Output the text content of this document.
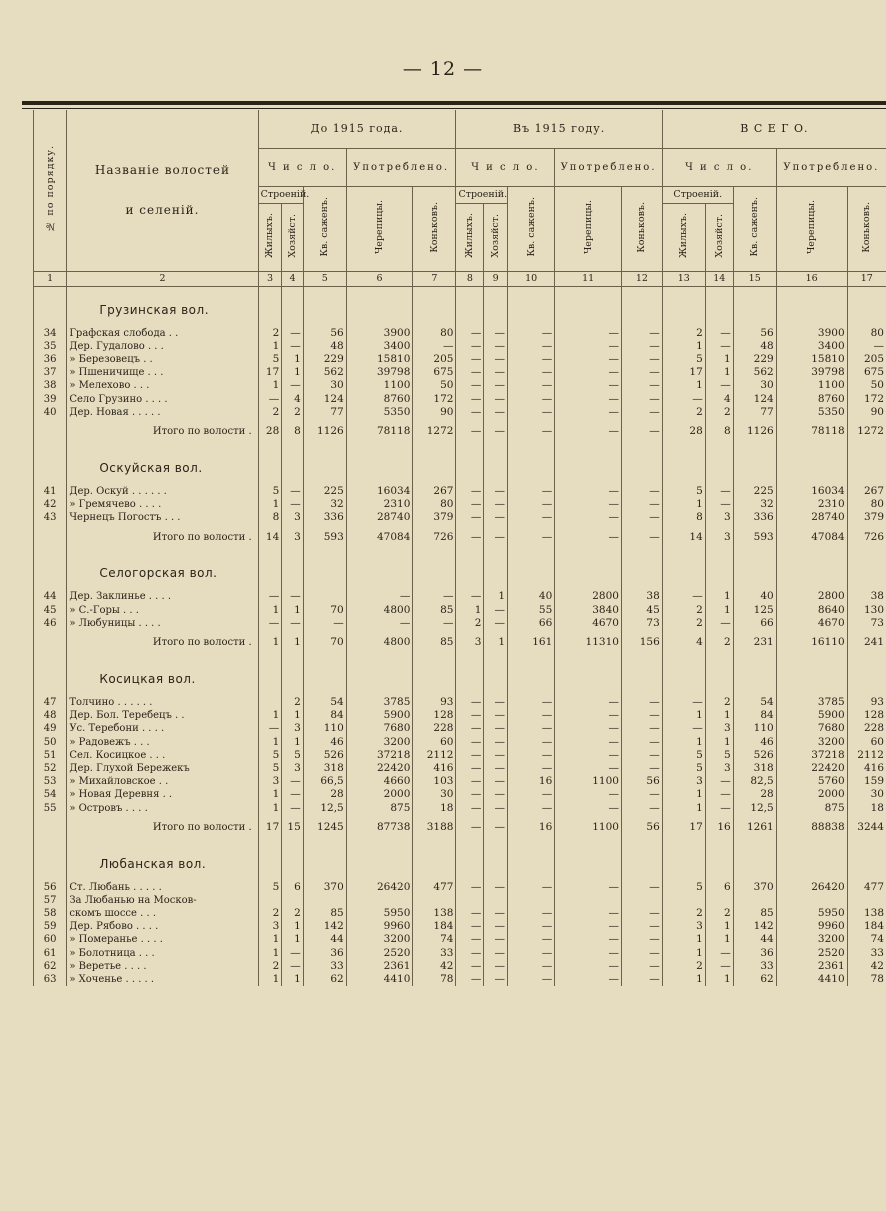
— 12 —
№ по порядку.	Названіе волостей
и селеній.	До 1915 года.					Въ 1915 году.					В С Е Г О.				
		Ч и с л о.			Употреблено.		Ч и с л о.			Употреблено.		Ч и с л о.			Употреблено.	
		Строеній.		Кв. саженъ.	Черепицы.	Коньковъ.	Строеній.		Кв. саженъ.	Черепицы.	Коньковъ.	Строеній.		Кв. саженъ.	Черепицы.	Коньковъ.
		Жилыхъ.	Хозяйст.				Жилыхъ.	Хозяйст.				Жилыхъ.	Хозяйст.			
1	2	3	4	5	6	7	8	9	10	11	12	13	14	15	16	17
	Грузинская вол.															

34	Графская слобода . .	2	—	56	3900	80	—	—	—	—	—	2	—	56	3900	80
35	Дер. Гудалово . . .	1	—	48	3400	—	—	—	—	—	—	1	—	48	3400	—
36	» Березовецъ . .	5	1	229	15810	205	—	—	—	—	—	5	1	229	15810	205
37	» Пшеничище . . .	17	1	562	39798	675	—	—	—	—	—	17	1	562	39798	675
38	» Мелехово . . .	1	—	30	1100	50	—	—	—	—	—	1	—	30	1100	50
39	Село Грузино . . . .	—	4	124	8760	172	—	—	—	—	—	—	4	124	8760	172
40	Дер. Новая . . . . .	2	2	77	5350	90	—	—	—	—	—	2	2	77	5350	90
	Итого по волости .	28	8	1126	78118	1272	—	—	—	—	—	28	8	1126	78118	1272
	Оскуйская вол.															

41	Дер. Оскуй . . . . . .	5	—	225	16034	267	—	—	—	—	—	5	—	225	16034	267
42	» Гремячево . . . .	1	—	32	2310	80	—	—	—	—	—	1	—	32	2310	80
43	Чернецъ Погостъ . . .	8	3	336	28740	379	—	—	—	—	—	8	3	336	28740	379
	Итого по волости .	14	3	593	47084	726	—	—	—	—	—	14	3	593	47084	726
	Селогорская вол.															

44	Дер. Заклинье . . . .	—	—		—	—	—	1	40	2800	38	—	1	40	2800	38
45	» С.-Горы . . .	1	1	70	4800	85	1	—	55	3840	45	2	1	125	8640	130
46	» Любуницы . . . .	—	—	—	—	—	2	—	66	4670	73	2	—	66	4670	73
	Итого по волости .	1	1	70	4800	85	3	1	161	11310	156	4	2	231	16110	241
	Косицкая вол.															

47	Толчино . . . . . .		2	54	3785	93	—	—	—	—	—	—	2	54	3785	93
48	Дер. Бол. Теребецъ . .	1	1	84	5900	128	—	—	—	—	—	1	1	84	5900	128
49	Ус. Теребони . . . .	—	3	110	7680	228	—	—	—	—	—	—	3	110	7680	228
50	» Радовежъ . . .	1	1	46	3200	60	—	—	—	—	—	1	1	46	3200	60
51	Сел. Косицкое . . .	5	5	526	37218	2112	—	—	—	—	—	5	5	526	37218	2112
52	Дер. Глухой Бережекъ	5	3	318	22420	416	—	—	—	—	—	5	3	318	22420	416
53	» Михайловское . .	3	—	66,5	4660	103	—	—	16	1100	56	3	—	82,5	5760	159
54	» Новая Деревня . .	1	—	28	2000	30	—	—	—	—	—	1	—	28	2000	30
55	» Островъ . . . .	1	—	12,5	875	18	—	—	—	—	—	1	—	12,5	875	18
	Итого по волости .	17	15	1245	87738	3188	—	—	16	1100	56	17	16	1261	88838	3244
	Любанская вол.															

56	Ст. Любань . . . . .	5	6	370	26420	477	—	—	—	—	—	5	6	370	26420	477
57	За Любанью на Москов-															
58	скомъ шоссе . . .	2	2	85	5950	138	—	—	—	—	—	2	2	85	5950	138
59	Дер. Рябово . . . .	3	1	142	9960	184	—	—	—	—	—	3	1	142	9960	184
60	» Померанье . . . .	1	1	44	3200	74	—	—	—	—	—	1	1	44	3200	74
61	» Болотница . . .	1	—	36	2520	33	—	—	—	—	—	1	—	36	2520	33
62	» Веретье . . . .	2	—	33	2361	42	—	—	—	—	—	2	—	33	2361	42
63	» Хоченье . . . . .	1	1	62	4410	78	—	—	—	—	—	1	1	62	4410	78
